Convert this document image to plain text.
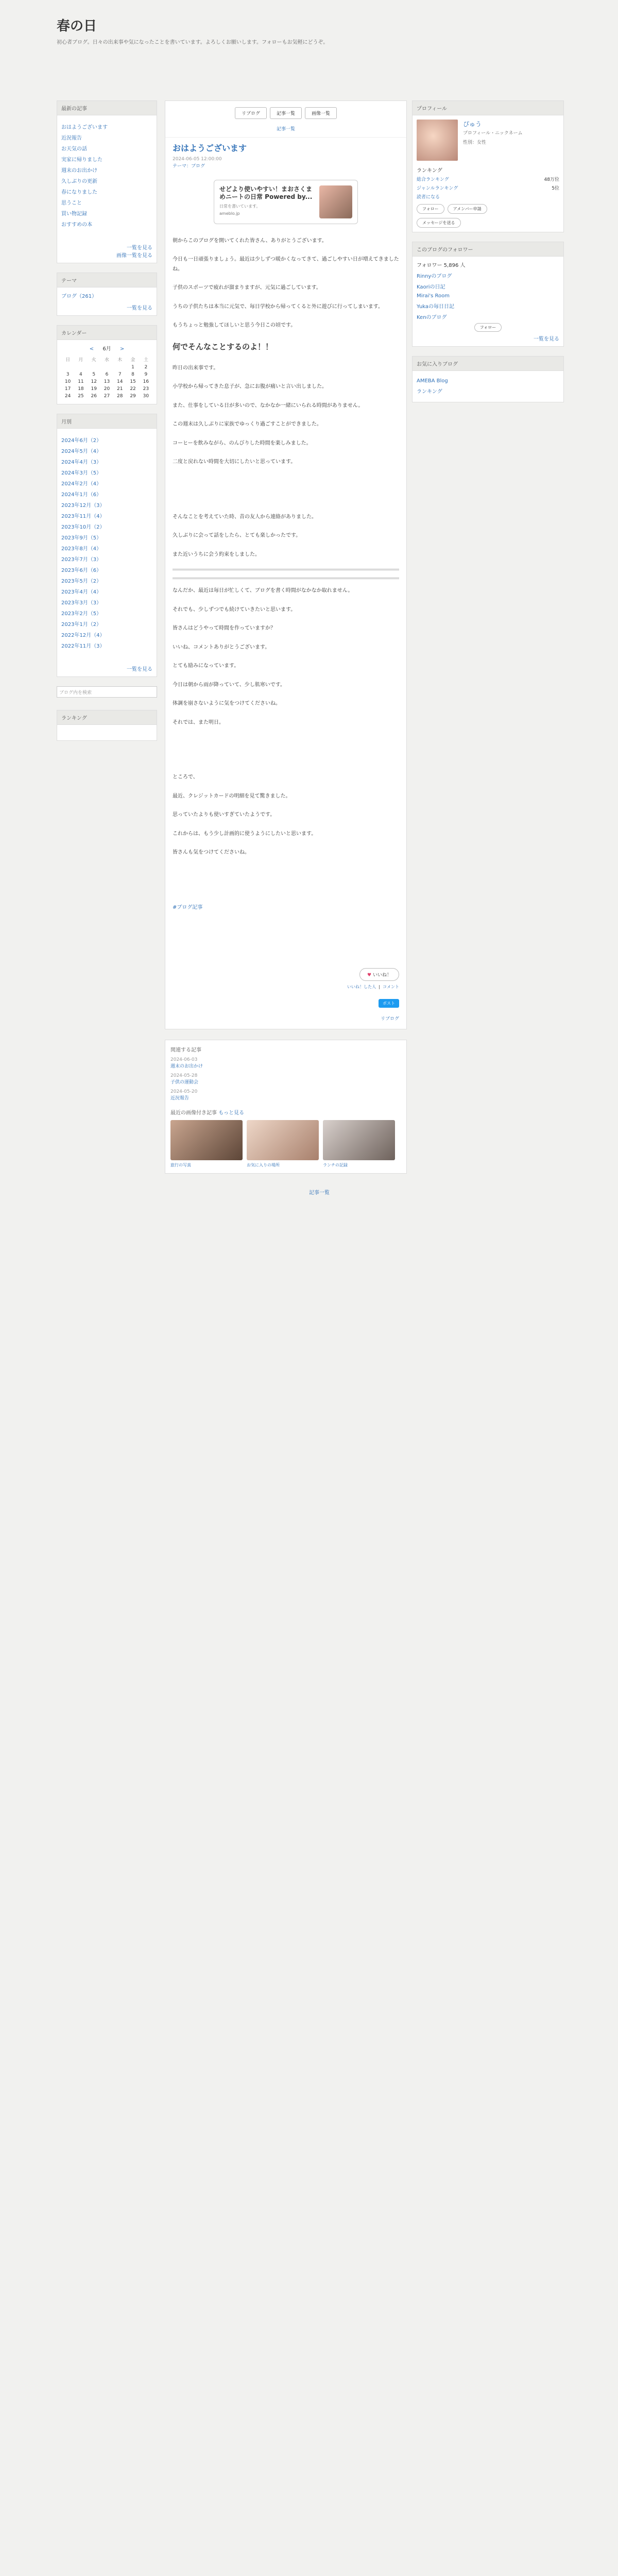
春の日
初心者ブログ。日々の出来事や気になったことを書いています。よろしくお願いします。フォローもお気軽にどうぞ。
最新の記事
おはようございます
近況報告
お天気の話
実家に帰りました
週末のお出かけ
久しぶりの更新
春になりました
思うこと
買い物記録
おすすめの本
一覧を見る
画像一覧を見る
テーマ
ブログ（261）
一覧を見る
カレンダー
< 6月 >
日	月	火	水	木	金	土
					1	2
3	4	5	6	7	8	9
10	11	12	13	14	15	16
17	18	19	20	21	22	23
24	25	26	27	28	29	30
月別
2024年6月（2）
2024年5月（4）
2024年4月（3）
2024年3月（5）
2024年2月（4）
2024年1月（6）
2023年12月（3）
2023年11月（4）
2023年10月（2）
2023年9月（5）
2023年8月（4）
2023年7月（3）
2023年6月（6）
2023年5月（2）
2023年4月（4）
2023年3月（3）
2023年2月（5）
2023年1月（2）
2022年12月（4）
2022年11月（3）
一覧を見る
ブログ内を検索
ランキング
リブログ	記事一覧	画像一覧
記事一覧
おはようございます
2024-06-05 12:00:00
テーマ：ブログ
せどより使いやすい！まおさくまめニートの日常 Powered by...
日常を書いています。
ameblo.jp

朝からこのブログを開いてくれた皆さん、ありがとうございます。

今日も一日頑張りましょう。最近は少しずつ暖かくなってきて、過ごしやすい日が増えてきましたね。

子供のスポーツで疲れが溜まりますが、元気に過ごしています。

うちの子供たちは本当に元気で、毎日学校から帰ってくると外に遊びに行ってしまいます。

もうちょっと勉強してほしいと思う今日この頃です。

何でそんなことするのよ！！

昨日の出来事です。

小学校から帰ってきた息子が、急にお腹が痛いと言い出しました。

また、仕事をしている日が多いので、なかなか一緒にいられる時間がありません。

この週末は久しぶりに家族でゆっくり過ごすことができました。

コーヒーを飲みながら、のんびりした時間を楽しみました。

二度と戻れない時間を大切にしたいと思っています。

そんなことを考えていた時、昔の友人から連絡がありました。

久しぶりに会って話をしたら、とても楽しかったです。

また近いうちに会う約束をしました。

なんだか、最近は毎日が忙しくて、ブログを書く時間がなかなか取れません。

それでも、少しずつでも続けていきたいと思います。

皆さんはどうやって時間を作っていますか？

いいね、コメントありがとうございます。

とても励みになっています。

今日は朝から雨が降っていて、少し肌寒いです。

体調を崩さないように気をつけてくださいね。

それでは、また明日。

ところで、

最近、クレジットカードの明細を見て驚きました。

思っていたよりも使いすぎていたようです。

これからは、もう少し計画的に使うようにしたいと思います。

皆さんも気をつけてくださいね。

#ブログ記事

♥ いいね！
いいね！した人  |  コメント
ポスト
リブログ
関連する記事
2024-06-03
週末のお出かけ
2024-05-28
子供の運動会
2024-05-20
近況報告
最近の画像付き記事 もっと見る
旅行の写真	お気に入りの場所	ランチの記録
記事一覧
プロフィール
ぴゅう
プロフィール・ニックネーム
性別：女性
ランキング
総合ランキング	48万位
ジャンルランキング	5位
読者になる
フォロー	アメンバー申請
メッセージを送る
このブログのフォロワー
フォロワー 5,896 人
Rinnyのブログ
Kaoriの日記
Mirai's Room
Yukaの毎日日記
Kenのブログ
フォロー
一覧を見る
お気に入りブログ
AMEBA Blog
ランキング
